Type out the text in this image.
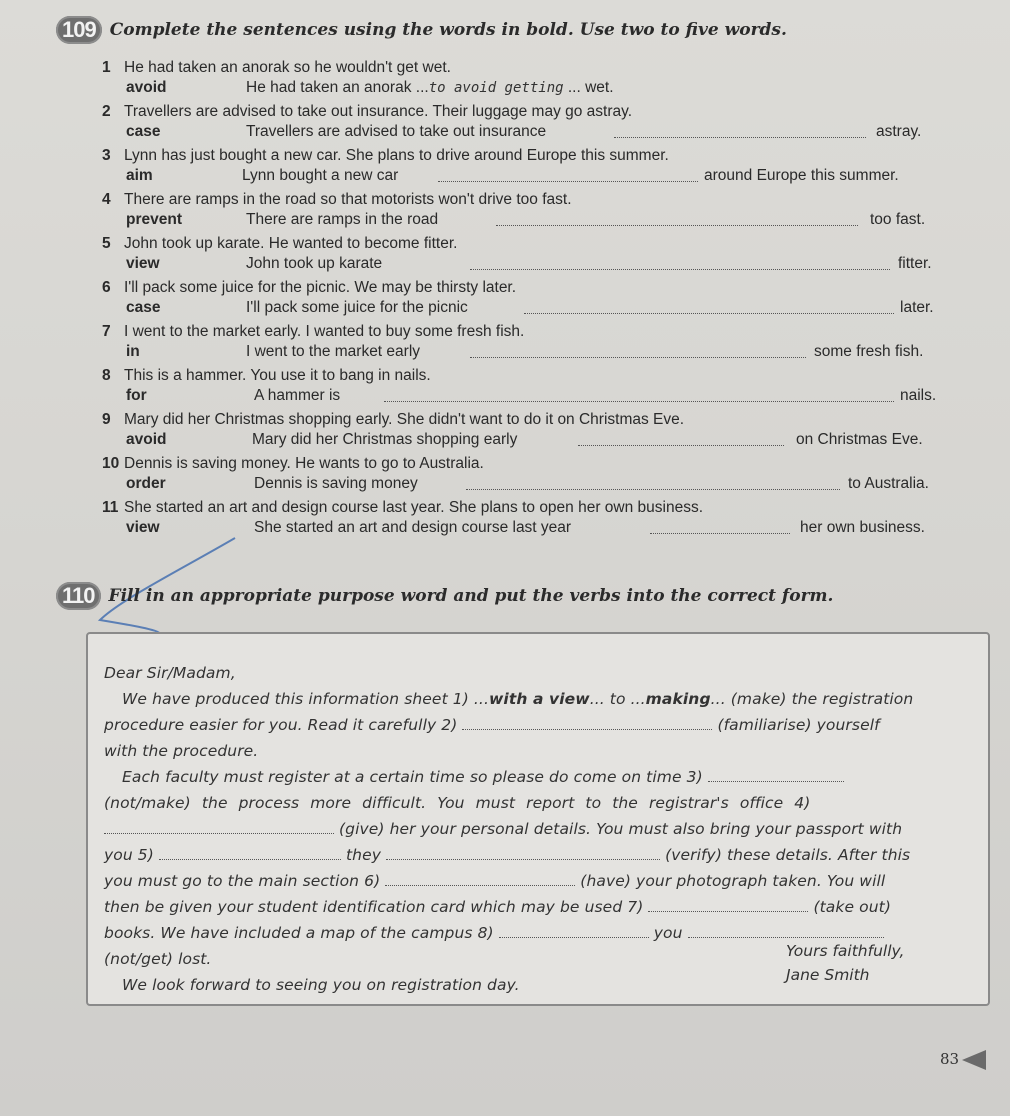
109 Complete the sentences using the words in bold. Use two to five words.
1 He had taken an anorak so he wouldn't get wet.
avoid	He had taken an anorak ...to avoid getting ... wet.
2 Travellers are advised to take out insurance. Their luggage may go astray.
case	Travellers are advised to take out insurance	astray.
3 Lynn has just bought a new car. She plans to drive around Europe this summer.
aim	Lynn bought a new car	around Europe this summer.
4 There are ramps in the road so that motorists won't drive too fast.
prevent	There are ramps in the road	too fast.
5 John took up karate. He wanted to become fitter.
view	John took up karate	fitter.
6 I'll pack some juice for the picnic. We may be thirsty later.
case	I'll pack some juice for the picnic	later.
7 I went to the market early. I wanted to buy some fresh fish.
in	I went to the market early	some fresh fish.
8 This is a hammer. You use it to bang in nails.
for	A hammer is	nails.
9 Mary did her Christmas shopping early. She didn't want to do it on Christmas Eve.
avoid	Mary did her Christmas shopping early	on Christmas Eve.
10 Dennis is saving money. He wants to go to Australia.
order	Dennis is saving money	to Australia.
11 She started an art and design course last year. She plans to open her own business.
view	She started an art and design course last year	her own business.
110 Fill in an appropriate purpose word and put the verbs into the correct form.

Dear Sir/Madam,

We have produced this information sheet 1) ...with a view... to ...making... (make) the registration

procedure easier for you. Read it carefully 2)	(familiarise) yourself

with the procedure.

Each faculty must register at a certain time so please do come on time 3)

(not/make) the process more difficult. You must report to the registrar's office 4)

(give) her your personal details. You must also bring your passport with

you 5)	they	(verify) these details. After this

you must go to the main section 6)	(have) your photograph taken. You will

then be given your student identification card which may be used 7)	(take out)

books. We have included a map of the campus 8)	you

(not/get) lost.

We look forward to seeing you on registration day.

Yours faithfully,
Jane Smith
83
